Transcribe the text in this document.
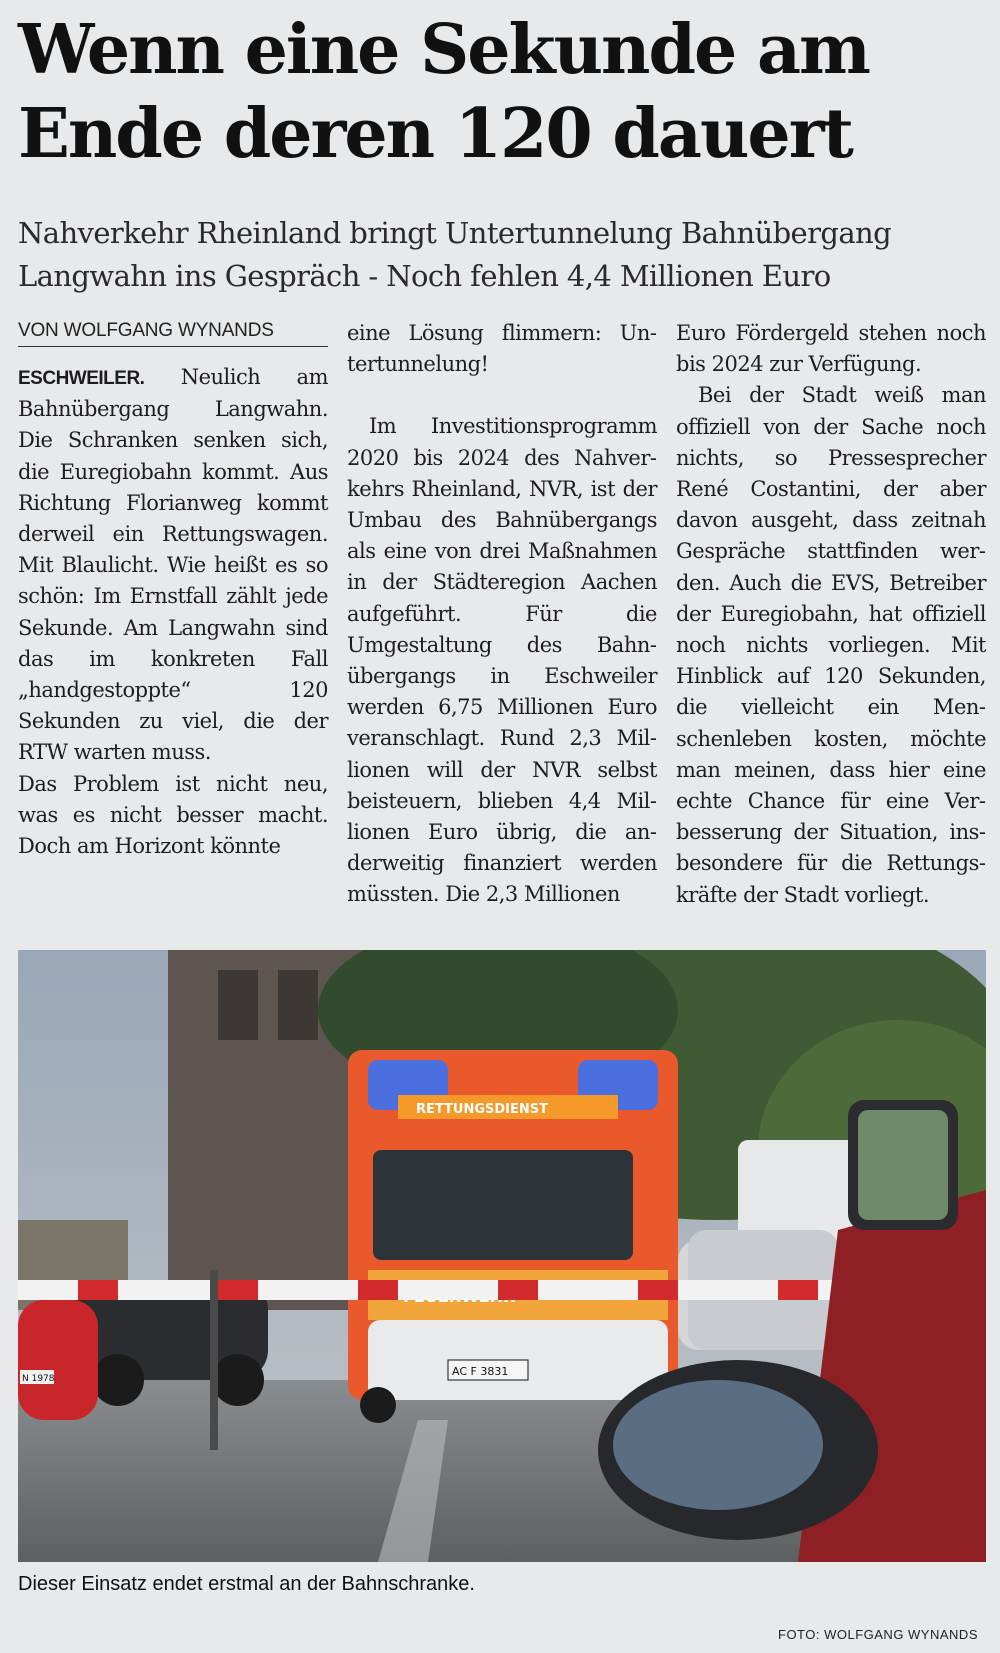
Wenn eine Sekunde am
Ende deren 120 dauert

Nahverkehr Rheinland bringt Untertunnelung Bahnübergang
Langwahn ins Gespräch - Noch fehlen 4,4 Millionen Euro

VON WOLFGANG WYNANDS

ESCHWEILER. Neulich am Bahnübergang Langwahn. Die Schranken senken sich, die Euregiobahn kommt. Aus Richtung Florianweg kommt derweil ein Rettungswagen. Mit Blaulicht. Wie heißt es so schön: Im Ernstfall zählt jede Sekunde. Am Langwahn sind das im konkreten Fall „handgestoppte“ 120 Sekunden zu viel, die der RTW warten muss.

Das Problem ist nicht neu, was es nicht besser macht. Doch am Horizont könnte

eine Lösung flimmern: Untertunnelung!

Im Investitionsprogramm 2020 bis 2024 des Nahverkehrs Rheinland, NVR, ist der Umbau des Bahnübergangs als eine von drei Maßnahmen in der Städteregion Aachen aufgeführt. Für die Umgestaltung des Bahnübergangs in Eschweiler werden 6,75 Millionen Euro veranschlagt. Rund 2,3 Millionen will der NVR selbst beisteuern, blieben 4,4 Millionen Euro übrig, die anderweitig finanziert werden müssten. Die 2,3 Millionen

Euro Fördergeld stehen noch bis 2024 zur Verfügung.

Bei der Stadt weiß man offiziell von der Sache noch nichts, so Pressesprecher René Costantini, der aber davon ausgeht, dass zeitnah Gespräche stattfinden werden. Auch die EVS, Betreiber der Euregiobahn, hat offiziell noch nichts vorliegen. Mit Hinblick auf 120 Sekunden, die vielleicht ein Menschenleben kosten, möchte man meinen, dass hier eine echte Chance für eine Verbesserung der Situation, insbesondere für die Rettungskräfte der Stadt vorliegt.

N 1978
RETTUNGSDIENST
AC F 3831
Dieser Einsatz endet erstmal an der Bahnschranke.
FOTO: WOLFGANG WYNANDS
